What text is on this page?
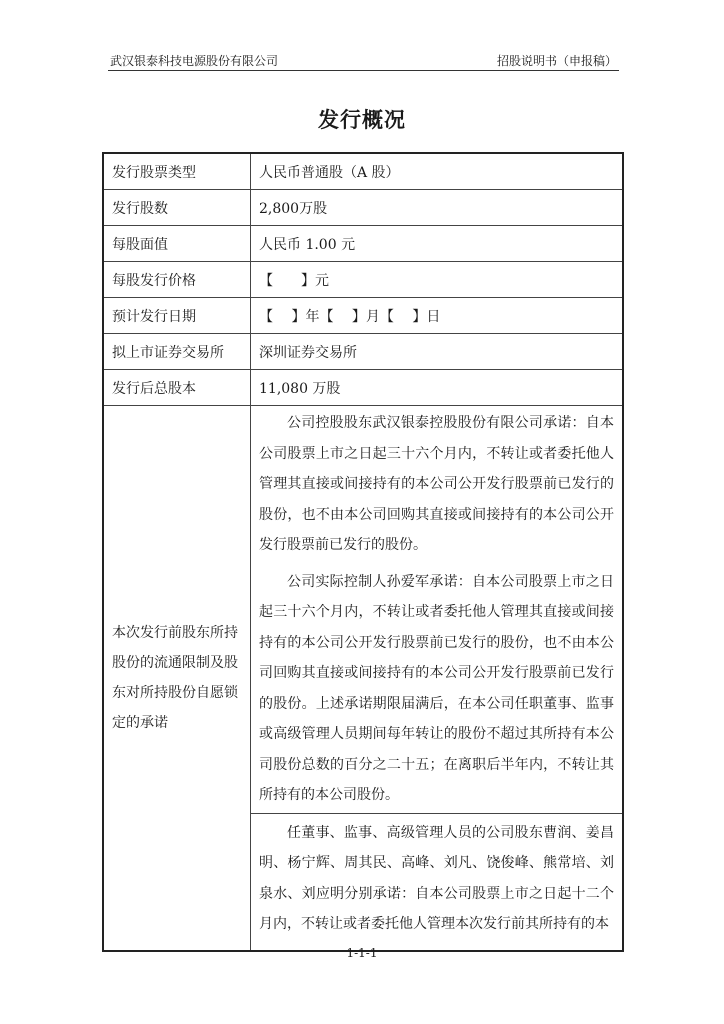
武汉银泰科技电源股份有限公司	招股说明书（申报稿）
发行概况
发行股票类型	人民币普通股（A 股）
发行股数	2,800万股
每股面值	人民币 1.00 元
每股发行价格	【　　】元
预计发行日期	【　 】年【　 】月【　 】日
拟上市证券交易所	深圳证券交易所
发行后总股本	11,080 万股
本次发行前股东所持股份的流通限制及股东对所持股份自愿锁定的承诺	公司控股股东武汉银泰控股股份有限公司承诺：自本公司股票上市之日起三十六个月内，不转让或者委托他人管理其直接或间接持有的本公司公开发行股票前已发行的股份，也不由本公司回购其直接或间接持有的本公司公开发行股票前已发行的股份。

公司实际控制人孙爱军承诺：自本公司股票上市之日起三十六个月内，不转让或者委托他人管理其直接或间接持有的本公司公开发行股票前已发行的股份，也不由本公司回购其直接或间接持有的本公司公开发行股票前已发行的股份。上述承诺期限届满后，在本公司任职董事、监事或高级管理人员期间每年转让的股份不超过其所持有本公司股份总数的百分之二十五；在离职后半年内，不转让其所持有的本公司股份。

	任董事、监事、高级管理人员的公司股东曹润、姜昌明、杨宁辉、周其民、高峰、刘凡、饶俊峰、熊常培、刘泉水、刘应明分别承诺：自本公司股票上市之日起十二个月内，不转让或者委托他人管理本次发行前其所持有的本

1-1-1
